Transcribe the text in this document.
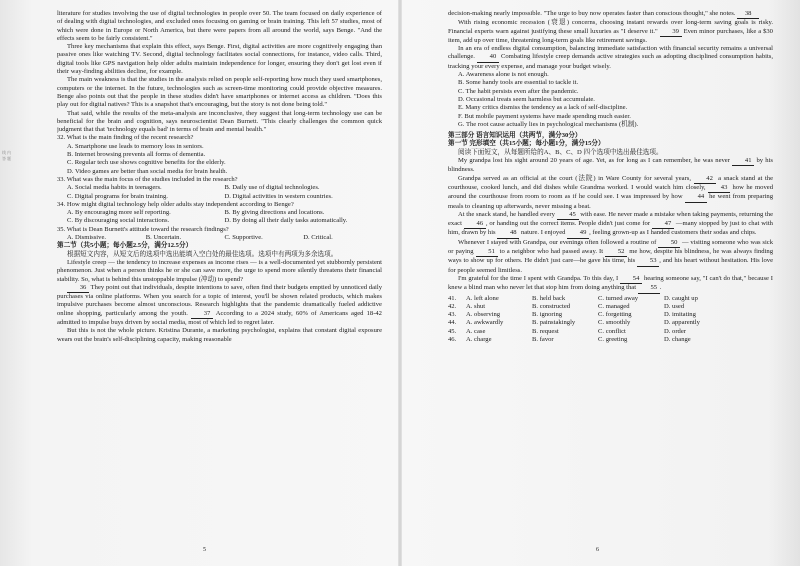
线 内 答 题

literature for studies involving the use of digital technologies in people over 50. The team focused on daily experience of of dealing with digital technologies, and excluded ones focusing on gaming or brain training. This left 57 studies, most of which were done in Europe or North America, but there were papers from all around the world, says Benge. "And the effects seem to be fairly consistent."

Three key mechanisms that explain this effect, says Benge. First, digital activities are more cognitively engaging than passive ones like watching TV. Second, digital technology facilitates social connections, for instance, video calls. Third, digital tools like GPS navigation help older adults maintain independence for longer, ensuring they don't get lost even if their way-finding abilities decline, for example.

The main weakness is that the studies in the analysis relied on people self-reporting how much they used smartphones, computers or the internet. In the future, technologies such as screen-time monitoring could provide objective measures. Benge also points out that the people in these studies didn't have smartphones or internet access as children. "Does this play out for digital natives? This is a snapshot that's encouraging, but the story is not done being told."

That said, while the results of the meta-analysis are inconclusive, they suggest that long-term technology use can be beneficial for the brain and cognition, says neuroscientist Dean Burnett. "This clearly challenges the common quick judgment that that 'technology equals bad' in terms of brain and mental health."

32. What is the main finding of the recent research?

A. Smartphone use leads to memory loss in seniors.

B. Internet browsing prevents all forms of dementia.

C. Regular tech use shows cognitive benefits for the elderly.

D. Video games are better than social media for brain health.

33. What was the main focus of the studies included in the research?

A. Social media habits in teenagers.	B. Daily use of digital technologies.
C. Digital programs for brain training.	D. Digital activities in western countries.

34. How might digital technology help older adults stay independent according to Benge?

A. By encouraging more self reporting.	B. By giving directions and locations.
C. By discouraging social interactions.	D. By doing all their daily tasks automatically.

35. What is Dean Burnett's attitude toward the research findings?

A. Dismissive.	B. Uncertain.	C. Supportive.	D. Critical.

第二节（共5小题；每小题2.5分，满分12.5分）

根据短文内容，从短文后的选项中选出能填入空白处的最佳选项。选项中有两项为多余选项。

Lifestyle creep — the tendency to increase expenses as income rises — is a well-documented yet stubbornly persistent phenomenon. Just when a person thinks he or she can save more, the urge to spend more silently threatens their financial stability. So, what is behind this unstoppable impulse (冲动) to spend?

36 They point out that individuals, despite intentions to save, often find their budgets emptied by unnoticed daily purchases via online platforms. When you search for a topic of interest, you'll be shown related products, which makes impulsive purchases become almost unconscious. Research highlights that the pandemic dramatically fueled addictive online shopping, particularly among the youth. 37 According to a 2024 study, 60% of Americans aged 18-42 admitted to impulse buys driven by social media, most of which led to regret later.

But this is not the whole picture. Kristina Durante, a marketing psychologist, explains that constant digital exposure wears out the brain's self-disciplining capacity, making reasonable

5

decision-making nearly impossible. "The urge to buy now operates faster than conscious thought," she notes. 38

With rising economic recession (衰退) concerns, choosing instant rewards over long-term saving goals is risky. Financial experts warn against justifying these small luxuries as "I deserve it." 39 Even minor purchases, like a $30 item, add up over time, threatening long-term goals like retirement savings.

In an era of endless digital consumption, balancing immediate satisfaction with financial security remains a universal challenge. 40 Combating lifestyle creep demands active strategies such as adopting disciplined consumption habits, tracking your every expense, and manage your budget wisely.

A. Awareness alone is not enough.

B. Some handy tools are essential to tackle it.

C. The habit persists even after the pandemic.

D. Occasional treats seem harmless but accumulate.

E. Many critics dismiss the tendency as a lack of self-discipline.

F. But mobile payment systems have made spending much easier.

G. The root cause actually lies in psychological mechanisms (机制).

第三部分 语言知识运用（共两节，满分30分）

第一节 完形填空（共15小题；每小题1分，满分15分）

阅读下面短文，从每题所给的A、B、C、D 四个选项中选出最佳选项。

My grandpa lost his sight around 20 years of age. Yet, as for long as I can remember, he was never 41 by his blindness.

Grandpa served as an official at the court (法院) in Ware County for several years, 42 a snack stand at the courthouse, cooked lunch, and did dishes while Grandma worked. I would watch him closely, 43 how he moved around the courthouse from room to room as if he could see. I was impressed by how 44 he went from preparing meals to cleaning up afterwards, never missing a beat.

At the snack stand, he handled every 45 with ease. He never made a mistake when taking payments, returning the exact 46 , or handing out the correct items. People didn't just come for 47 —many stopped by just to chat with him, drawn by his 48 nature. I enjoyed 49 , feeling grown-up as I handed customers their sodas and chips.

Whenever I stayed with Grandpa, our evenings often followed a routine of 50 — visiting someone who was sick or paying 51 to a neighbor who had passed away. It 52 me how, despite his blindness, he was always finding ways to show up for others. He didn't just care—he gave his time, his 53 , and his heart without hesitation. His love for people seemed limitless.

I'm grateful for the time I spent with Grandpa. To this day, I 54 hearing someone say, "I can't do that," because I knew a blind man who never let that stop him from doing anything that 55 .

41.	A. left alone	B. held back	C. turned away	D. caught up
42.	A. shut	B. constructed	C. managed	D. used
43.	A. observing	B. ignoring	C. forgetting	D. imitating
44.	A. awkwardly	B. painstakingly	C. smoothly	D. apparently
45.	A. case	B. request	C. conflict	D. order
46.	A. charge	B. favor	C. greeting	D. change
6
